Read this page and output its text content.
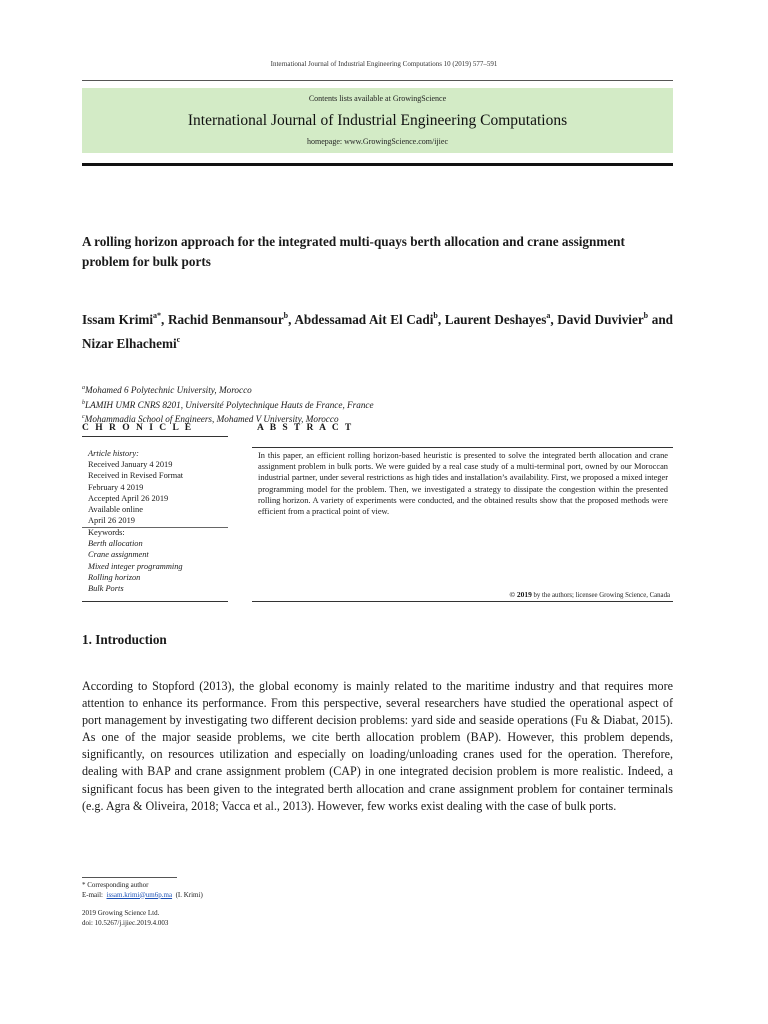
International Journal of Industrial Engineering Computations 10 (2019) 577–591
Contents lists available at GrowingScience
International Journal of Industrial Engineering Computations
homepage: www.GrowingScience.com/ijiec
A rolling horizon approach for the integrated multi-quays berth allocation and crane assignment problem for bulk ports
Issam Krimi$^{a*}$, Rachid Benmansour$^b$, Abdessamad Ait El Cadi$^b$, Laurent Deshayes$^a$, David Duvivier$^b$ and Nizar Elhachemi$^c$
$^a$Mohamed 6 Polytechnic University, Morocco
$^b$LAMIH UMR CNRS 8201, Université Polytechnique Hauts de France, France
$^c$Mohammadia School of Engineers, Mohamed V University, Morocco
C H R O N I C L E	A B S T R A C T
Article history:
Received January 4 2019
Received in Revised Format
February 4 2019
Accepted April 26 2019
Available online
April 26 2019
Keywords:
Berth allocation
Crane assignment
Mixed integer programming
Rolling horizon
Bulk Ports
In this paper, an efficient rolling horizon-based heuristic is presented to solve the integrated berth allocation and crane assignment problem in bulk ports. We were guided by a real case study of a multi-terminal port, owned by our Moroccan industrial partner, under several restrictions as high tides and installation’s availability. First, we proposed a mixed integer programming model for the problem. Then, we investigated a strategy to dissipate the congestion within the presented rolling horizon. A variety of experiments were conducted, and the obtained results show that the proposed methods were efficient from a practical point of view.
© 2019 by the authors; licensee Growing Science, Canada
1. Introduction
According to Stopford (2013), the global economy is mainly related to the maritime industry and that requires more attention to enhance its performance. From this perspective, several researchers have studied the operational aspect of port management by investigating two different decision problems: yard side and seaside operations (Fu & Diabat, 2015). As one of the major seaside problems, we cite berth allocation problem (BAP). However, this problem depends, significantly, on resources utilization and especially on loading/unloading cranes used for the operation. Therefore, dealing with BAP and crane assignment problem (CAP) in one integrated decision problem is more realistic. Indeed, a significant focus has been given to the integrated berth allocation and crane assignment problem for container terminals (e.g. Agra & Oliveira, 2018; Vacca et al., 2013). However, few works exist dealing with the case of bulk ports.
* Corresponding author
E-mail: issam.krimi@um6p.ma (I. Krimi)
2019 Growing Science Ltd.
doi: 10.5267/j.ijiec.2019.4.003
